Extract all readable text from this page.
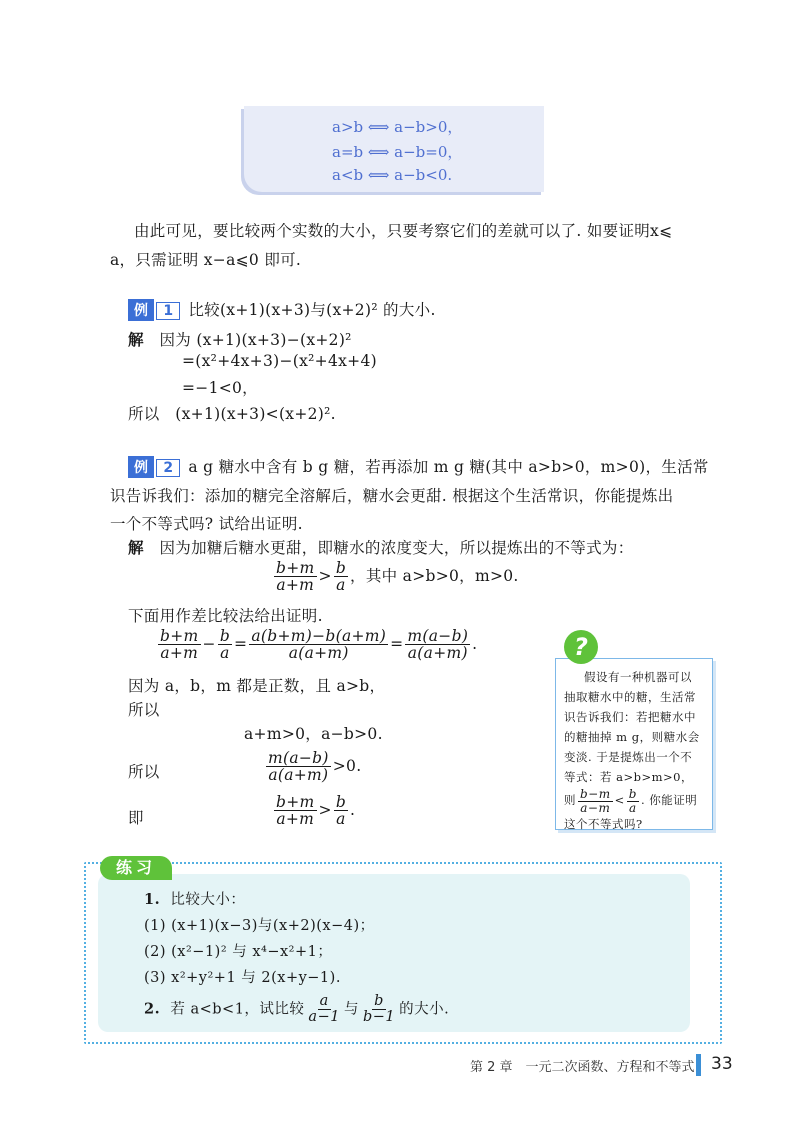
a>b ⟺ a−b>0，
a=b ⟺ a−b=0，
a<b ⟺ a−b<0.
由此可见，要比较两个实数的大小，只要考察它们的差就可以了. 如要证明x⩽
a，只需证明 x−a⩽0 即可.
例 1 比较(x+1)(x+3)与(x+2)² 的大小.
解 因为 (x+1)(x+3)−(x+2)²
=(x²+4x+3)−(x²+4x+4)
=−1<0，
所以 (x+1)(x+3)<(x+2)².
例 2 a g 糖水中含有 b g 糖，若再添加 m g 糖(其中 a>b>0，m>0)，生活常
识告诉我们：添加的糖完全溶解后，糖水会更甜. 根据这个生活常识，你能提炼出
一个不等式吗? 试给出证明.
解 因为加糖后糖水更甜，即糖水的浓度变大，所以提炼出的不等式为：
$\frac{b+m}{a+m} > \frac{b}{a}$ ，其中 a>b>0，m>0.
下面用作差比较法给出证明.
$\frac{b+m}{a+m} - \frac{b}{a} = \frac{a(b+m)-b(a+m)}{a(a+m)} = \frac{m(a-b)}{a(a+m)}$ .
因为 a，b，m 都是正数，且 a>b，
所以
a+m>0，a−b>0.
所以	$\frac{m(a-b)}{a(a+m)} >0$.
即	$\frac{b+m}{a+m} > \frac{b}{a}$ .
假设有一种机器可以
抽取糖水中的糖，生活常
识告诉我们：若把糖水中
的糖抽掉 m g，则糖水会
变淡. 于是提炼出一个不
等式：若 a>b>m>0，
则 $\frac{b-m}{a-m} < \frac{b}{a}$ . 你能证明
这个不等式吗?
?
练习
1. 比较大小：
(1) (x+1)(x−3)与(x+2)(x−4)；
(2) (x²−1)² 与 x⁴−x²+1；
(3) x²+y²+1 与 2(x+y−1).
2. 若 a<b<1，试比较 $\frac{a}{a-1}$ 与 $\frac{b}{b-1}$ 的大小.
第 2 章　一元二次函数、方程和不等式 33
